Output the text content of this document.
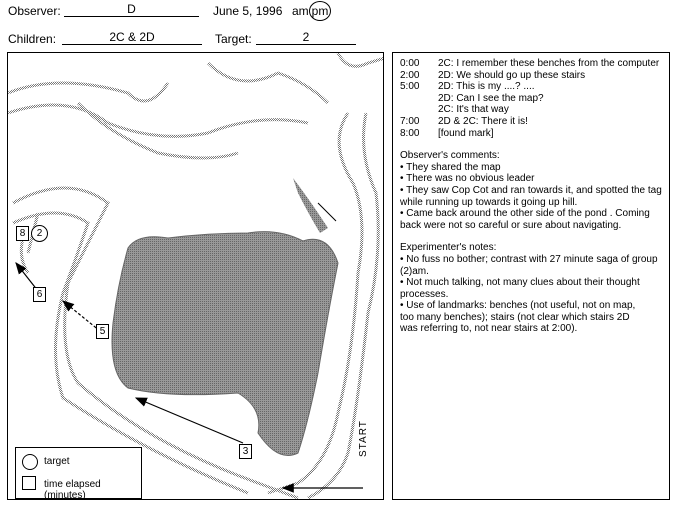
Observer:	D	June 5, 1996 am pm
Children:	2C & 2D	Target:	2
2
8
6
5
3	START
target
time elapsed (minutes)
0:00	2C: I remember these benches from the computer
2:00	2D: We should go up these stairs
5:00	2D: This is my ....? ....
2D: Can I see the map?
2C: It's that way
7:00	2D & 2C: There it is!
8:00	[found mark]
Observer's comments:
• They shared the map
• There was no obvious leader
• They saw Cop Cot and ran towards it, and spotted the tag
while running up towards it going up hill.
• Came back around the other side of the pond . Coming
back were not so careful or sure about navigating.
Experimenter's notes:
• No fuss no bother; contrast with 27 minute saga of group
(2)am.
• Not much talking, not many clues about their thought
processes.
• Use of landmarks: benches (not useful, not on map,
too many benches); stairs (not clear which stairs 2D
was referring to, not near stairs at 2:00).
